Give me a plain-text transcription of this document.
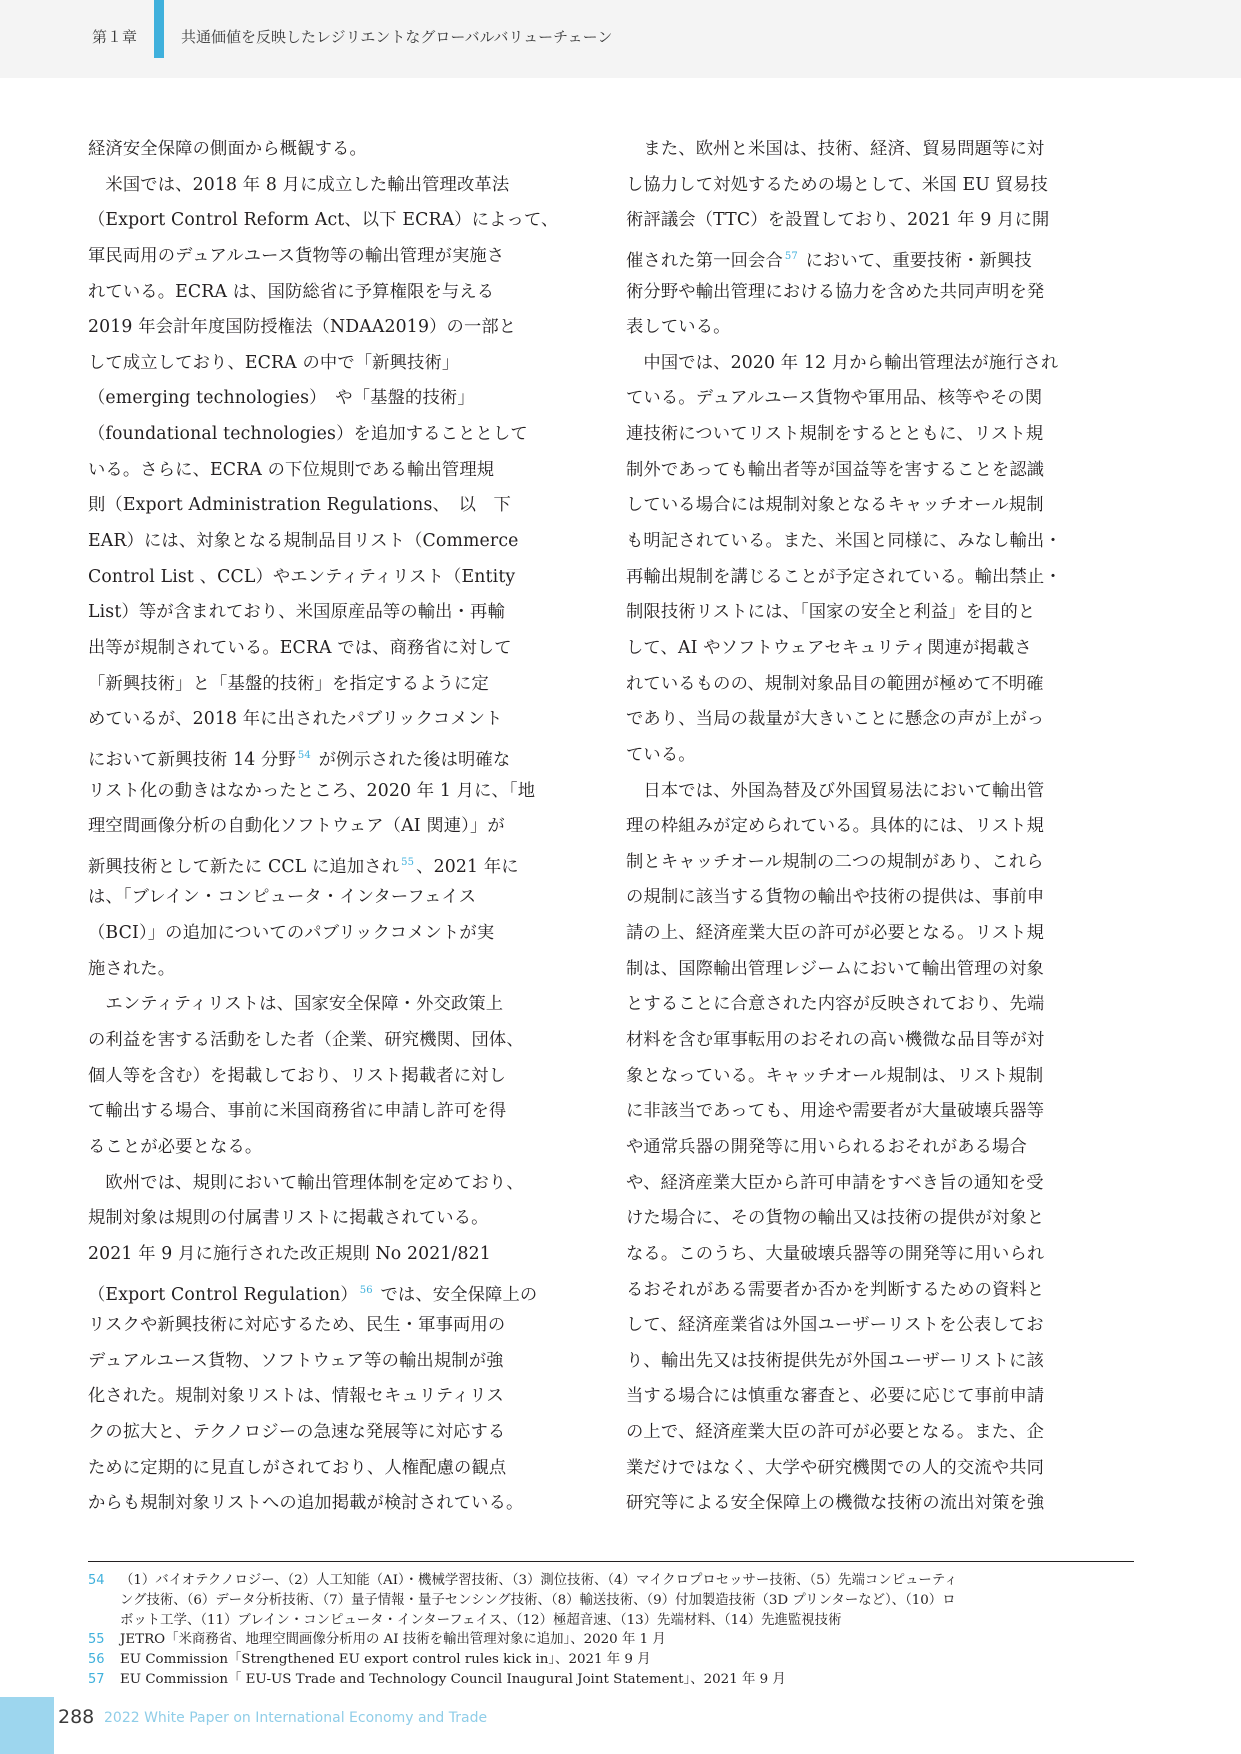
第１章	共通価値を反映したレジリエントなグローバルバリューチェーン
経済安全保障の側面から概観する。
　米国では、2018 年 8 月に成立した輸出管理改革法
（Export Control Reform Act、以下 ECRA）によって、
軍民両用のデュアルユース貨物等の輸出管理が実施さ
れている。ECRA は、国防総省に予算権限を与える
2019 年会計年度国防授権法（NDAA2019）の一部と
して成立しており、ECRA の中で「新興技術」
（emerging technologies）　や「基盤的技術」
（foundational technologies）を追加することとして
いる。さらに、ECRA の下位規則である輸出管理規
則（Export Administration Regulations、　以　下
EAR）には、対象となる規制品目リスト（Commerce
Control List 、CCL）やエンティティリスト（Entity
List）等が含まれており、米国原産品等の輸出・再輸
出等が規制されている。ECRA では、商務省に対して
「新興技術」と「基盤的技術」を指定するように定
めているが、2018 年に出されたパブリックコメント
において新興技術 14 分野 $^{54}$ が例示された後は明確な
リスト化の動きはなかったところ、2020 年 1 月に、「地
理空間画像分析の自動化ソフトウェア（AI 関連）」が
新興技術として新たに CCL に追加され $^{55}$ 、2021 年に
は、「ブレイン・コンピュータ・インターフェイス
（BCI）」の追加についてのパブリックコメントが実
施された。
　エンティティリストは、国家安全保障・外交政策上
の利益を害する活動をした者（企業、研究機関、団体、
個人等を含む）を掲載しており、リスト掲載者に対し
て輸出する場合、事前に米国商務省に申請し許可を得
ることが必要となる。
　欧州では、規則において輸出管理体制を定めており、
規制対象は規則の付属書リストに掲載されている。
2021 年 9 月に施行された改正規則 No 2021/821
（Export Control Regulation） $^{56}$ では、安全保障上の
リスクや新興技術に対応するため、民生・軍事両用の
デュアルユース貨物、ソフトウェア等の輸出規制が強
化された。規制対象リストは、情報セキュリティリス
クの拡大と、テクノロジーの急速な発展等に対応する
ために定期的に見直しがされており、人権配慮の観点
からも規制対象リストへの追加掲載が検討されている。
　また、欧州と米国は、技術、経済、貿易問題等に対
し協力して対処するための場として、米国 EU 貿易技
術評議会（TTC）を設置しており、2021 年 9 月に開
催された第一回会合 $^{57}$ において、重要技術・新興技
術分野や輸出管理における協力を含めた共同声明を発
表している。
　中国では、2020 年 12 月から輸出管理法が施行され
ている。デュアルユース貨物や軍用品、核等やその関
連技術についてリスト規制をするとともに、リスト規
制外であっても輸出者等が国益等を害することを認識
している場合には規制対象となるキャッチオール規制
も明記されている。また、米国と同様に、みなし輸出・
再輸出規制を講じることが予定されている。輸出禁止・
制限技術リストには、「国家の安全と利益」を目的と
して、AI やソフトウェアセキュリティ関連が掲載さ
れているものの、規制対象品目の範囲が極めて不明確
であり、当局の裁量が大きいことに懸念の声が上がっ
ている。
　日本では、外国為替及び外国貿易法において輸出管
理の枠組みが定められている。具体的には、リスト規
制とキャッチオール規制の二つの規制があり、これら
の規制に該当する貨物の輸出や技術の提供は、事前申
請の上、経済産業大臣の許可が必要となる。リスト規
制は、国際輸出管理レジームにおいて輸出管理の対象
とすることに合意された内容が反映されており、先端
材料を含む軍事転用のおそれの高い機微な品目等が対
象となっている。キャッチオール規制は、リスト規制
に非該当であっても、用途や需要者が大量破壊兵器等
や通常兵器の開発等に用いられるおそれがある場合
や、経済産業大臣から許可申請をすべき旨の通知を受
けた場合に、その貨物の輸出又は技術の提供が対象と
なる。このうち、大量破壊兵器等の開発等に用いられ
るおそれがある需要者か否かを判断するための資料と
して、経済産業省は外国ユーザーリストを公表してお
り、輸出先又は技術提供先が外国ユーザーリストに該
当する場合には慎重な審査と、必要に応じて事前申請
の上で、経済産業大臣の許可が必要となる。また、企
業だけではなく、大学や研究機関での人的交流や共同
研究等による安全保障上の機微な技術の流出対策を強
54 （1）バイオテクノロジー、（2）人工知能（AI）・機械学習技術、（3）測位技術、（4）マイクロプロセッサー技術、（5）先端コンピューティ
ング技術、（6）データ分析技術、（7）量子情報・量子センシング技術、（8）輸送技術、（9）付加製造技術（3D プリンターなど）、（10）ロ
ボット工学、（11）ブレイン・コンピュータ・インターフェイス、（12）極超音速、（13）先端材料、（14）先進監視技術
55 JETRO「米商務省、地理空間画像分析用の AI 技術を輸出管理対象に追加」、2020 年 1 月
56 EU Commission「Strengthened EU export control rules kick in」、2021 年 9 月
57 EU Commission「 EU-US Trade and Technology Council Inaugural Joint Statement」、2021 年 9 月
288 2022 White Paper on International Economy and Trade
